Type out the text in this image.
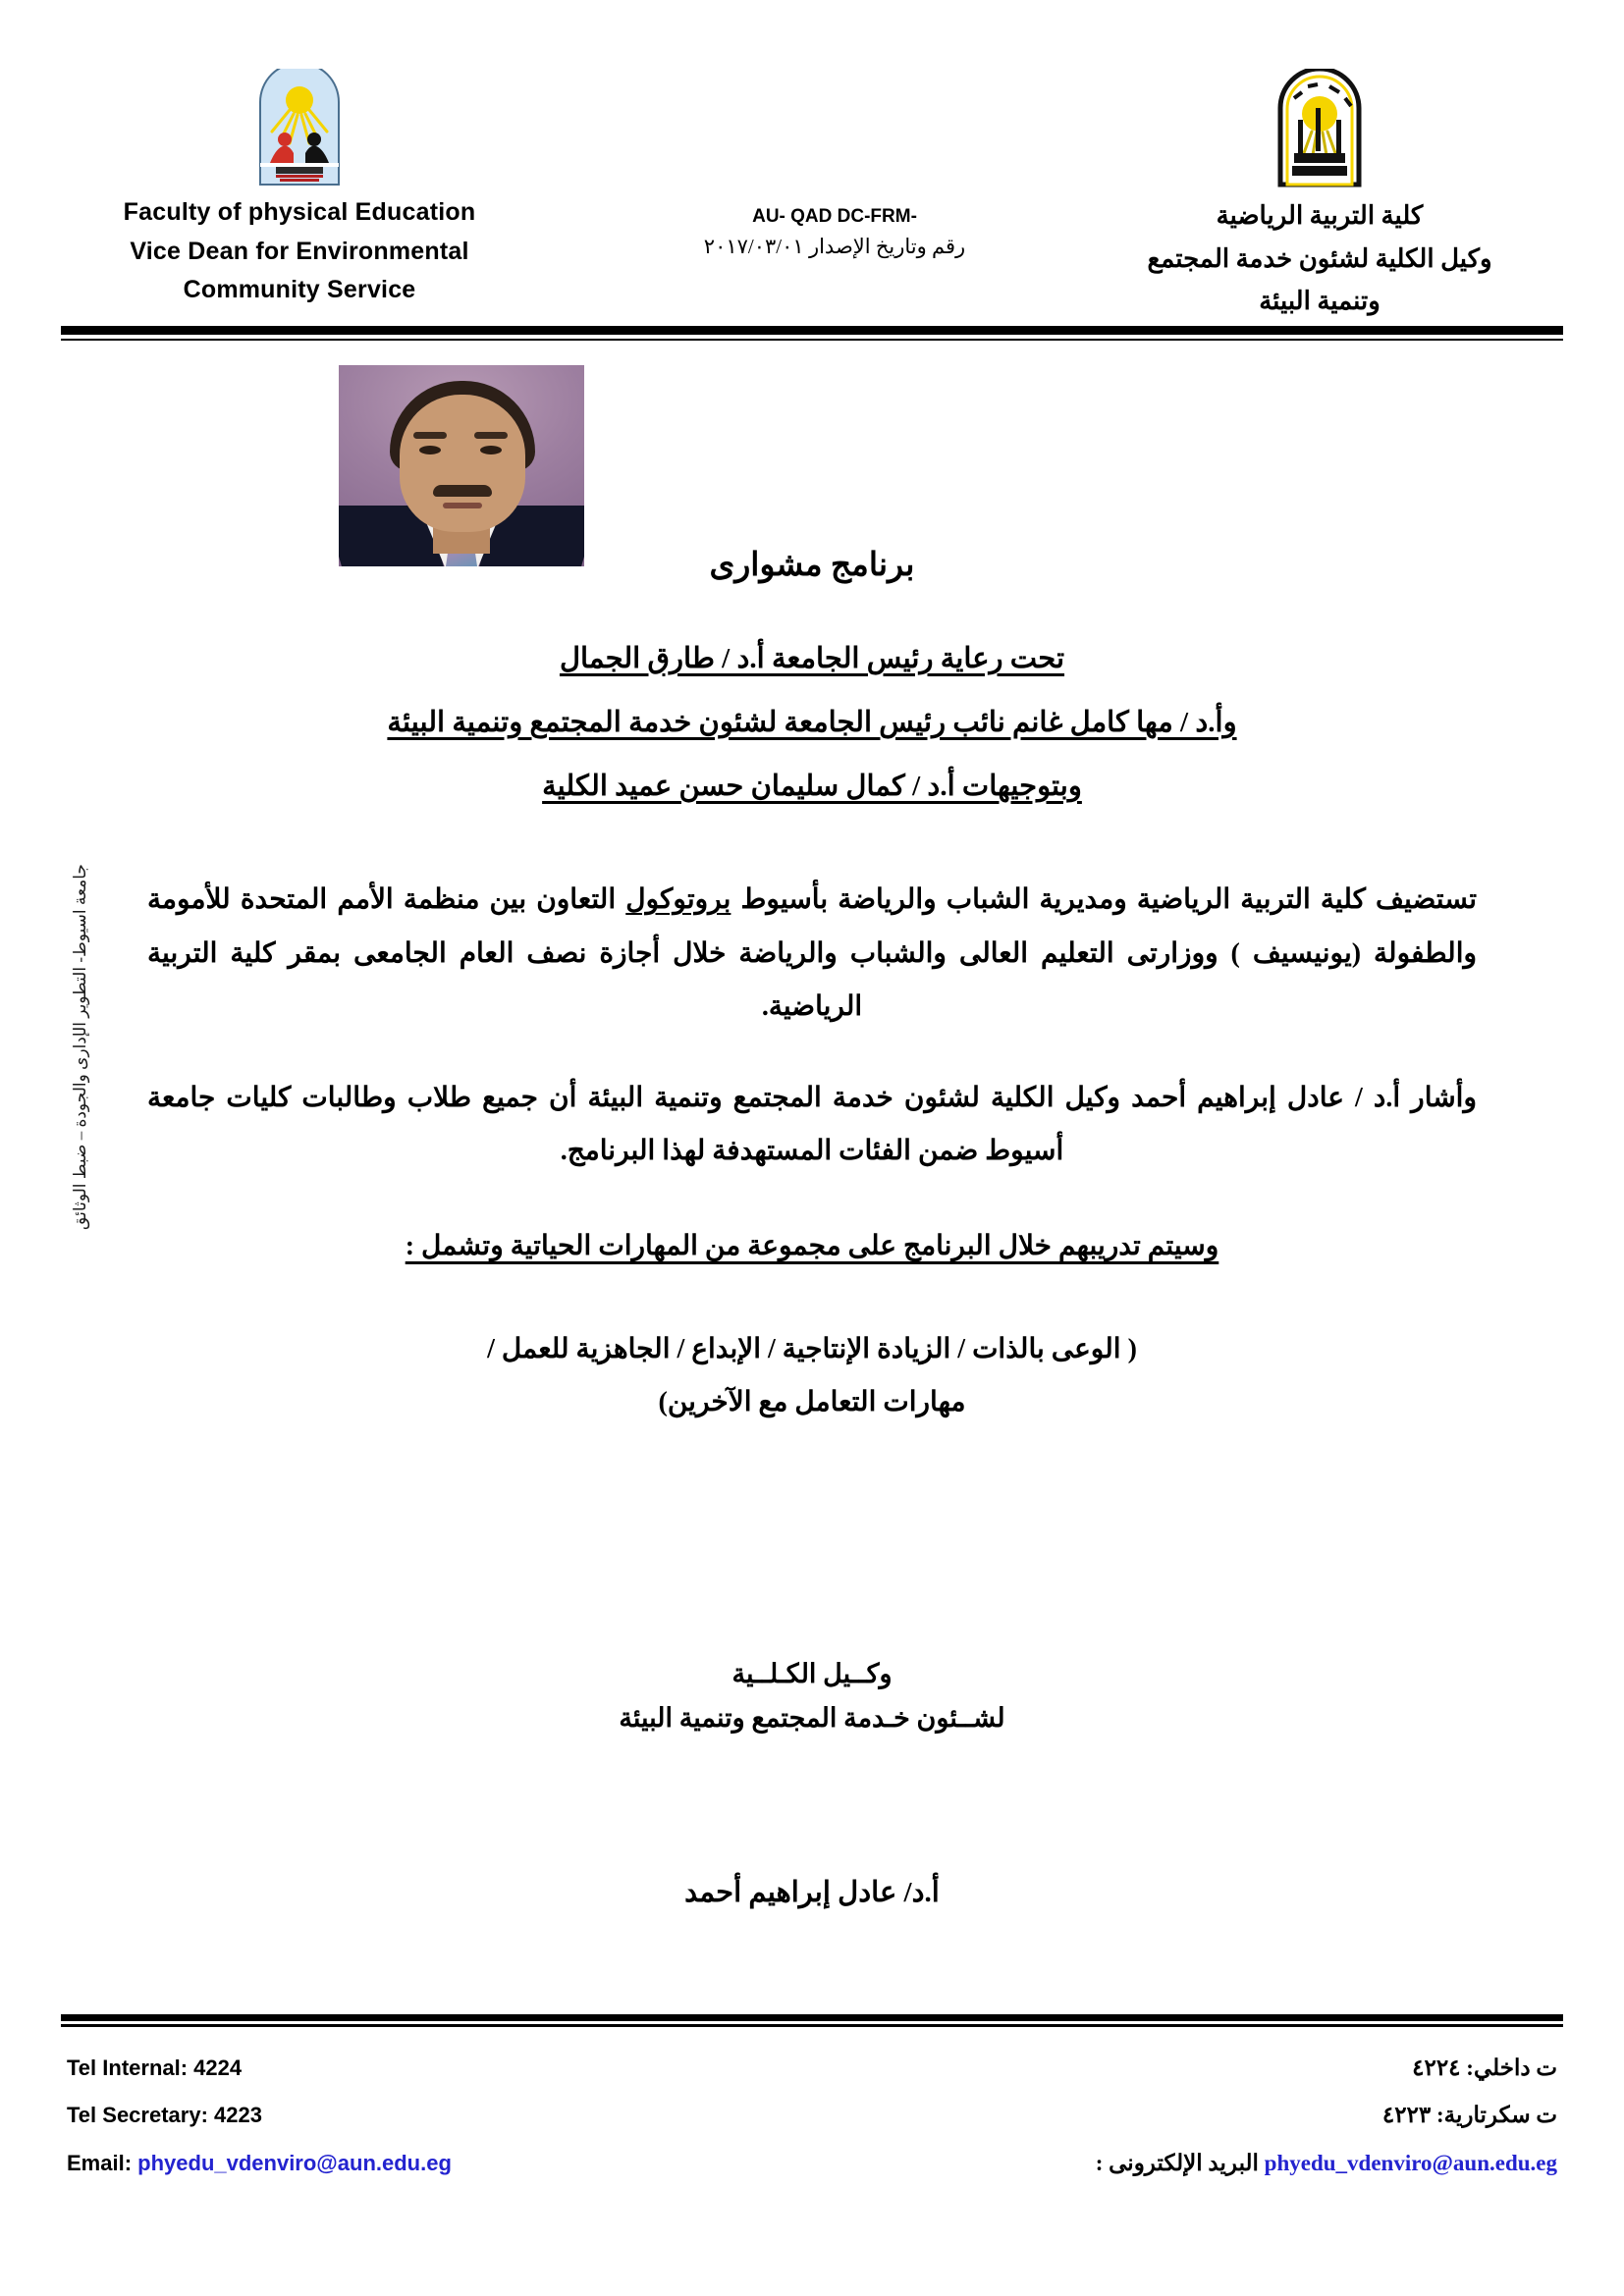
Faculty of physical Education
Vice Dean for Environmental
Community Service
AU- QAD DC-FRM-
رقم وتاريخ الإصدار ٢٠١٧/٠٣/٠١
كلية التربية الرياضية
وكيل الكلية لشئون خدمة المجتمع
وتنمية البيئة
برنامج مشوارى
تحت رعاية رئيس الجامعة أ.د / طارق الجمال
وأ.د / مها كامل غانم نائب رئيس الجامعة لشئون خدمة المجتمع وتنمية البيئة
وبتوجيهات أ.د / كمال سليمان حسن عميد الكلية

تستضيف كلية التربية الرياضية ومديرية الشباب والرياضة بأسيوط بروتوكول التعاون بين منظمة الأمم المتحدة للأمومة والطفولة (يونيسيف ) ووزارتى التعليم العالى والشباب والرياضة خلال أجازة نصف العام الجامعى بمقر كلية التربية الرياضية.

وأشار أ.د / عادل إبراهيم أحمد وكيل الكلية لشئون خدمة المجتمع وتنمية البيئة أن جميع طلاب وطالبات كليات جامعة أسيوط ضمن الفئات المستهدفة لهذا البرنامج.

وسيتم تدريبهم خلال البرنامج على مجموعة من المهارات الحياتية وتشمل :

( الوعى بالذات / الزيادة الإنتاجية / الإبداع / الجاهزية للعمل /

مهارات التعامل مع الآخرين)

وكــيل الكـلــية
لشــئون خـدمة المجتمع وتنمية البيئة
أ.د/ عادل إبراهيم أحمد
جامعة اسيوط- التطوير الإدارى والجودة – ضبط الوثائق
Tel Internal: 4224
Tel Secretary: 4223
Email: phyedu_vdenviro@aun.edu.eg
ت داخلي: ٤٢٢٤
ت سكرتارية: ٤٢٢٣
phyedu_vdenviro@aun.edu.eg البريد الإلكترونى :
